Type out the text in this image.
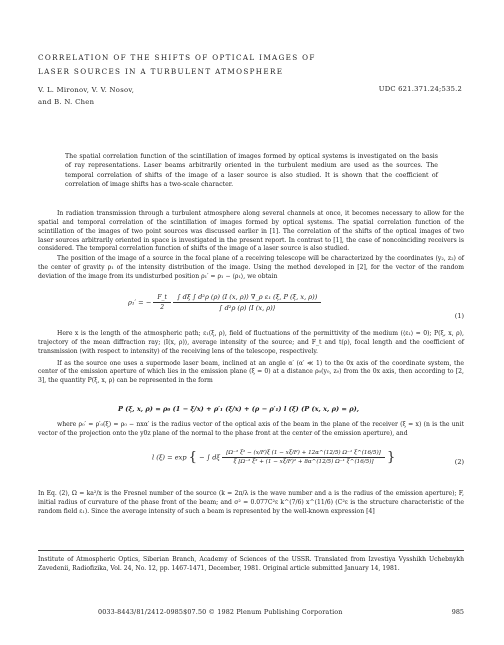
CORRELATION OF THE SHIFTS OF OPTICAL IMAGES OF
LASER SOURCES IN A TURBULENT ATMOSPHERE
V. L. Mironov, V. V. Nosov,
and B. N. Chen
UDC 621.371.24;535.2
The spatial correlation function of the scintillation of images formed by optical systems is investigated on the basis of ray representations. Laser beams arbitrarily oriented in the turbulent medium are used as the sources. The temporal correlation of shifts of the image of a laser source is also studied. It is shown that the coefficient of correlation of image shifts has a two-scale character.

In radiation transmission through a turbulent atmosphere along several channels at once, it becomes necessary to allow for the spatial and temporal correlation of the scintillation of images formed by optical systems. The spatial correlation function of the scintillation of the images of two point sources was discussed earlier in [1]. The correlation of the shifts of the optical images of two laser sources arbitrarily oriented in space is investigated in the present report. In contrast to [1], the case of noncoinciding receivers is considered. The temporal correlation function of shifts of the image of a laser source is also studied.

The position of the image of a source in the focal plane of a receiving telescope will be characterized by the coordinates (y₂, z₂) of the center of gravity ρ₁ of the intensity distribution of the image. Using the method developed in [2], for the vector of the random deviation of the image from its undisturbed position ρ₁′ = ρ₁ − ⟨ρ₁⟩, we obtain

ρ₁′ = − $\frac{F\_t}{2}$
$\frac{\text{∫ dξ ∫ d²ρ (ρ) ⟨I (x, ρ)⟩ ∇\_ρ ε₁ (ξ, P (ξ, x, ρ))}}{\text{∫ d²ρ (ρ) ⟨I (x, ρ)⟩}}$
(1)

Here x is the length of the atmospheric path; ε₁(ξ, ρ), field of fluctuations of the permittivity of the medium (⟨ε₁⟩ = 0); P(ξ, x, ρ), trajectory of the mean diffraction ray; ⟨I(x, ρ)⟩, average intensity of the source; and F_t and t(ρ), focal length and the coefficient of transmission (with respect to intensity) of the receiving lens of the telescope, respectively.

If as the source one uses a supermode laser beam, inclined at an angle α′ (α′ ≪ 1) to the 0x axis of the coordinate system, the center of the emission aperture of which lies in the emission plane (ξ = 0) at a distance ρ₀(y₀, z₀) from the 0x axis, then according to [2, 3], the quantity P(ξ, x, ρ) can be represented in the form

P (ξ, x, ρ) = ρ₀ (1 − ξ/x) + ρ′₁ (ξ/x) + (ρ − ρ′₁) l (ξ) (P (x, x, ρ) = ρ),

where ρ₀′ = ρ′₀(ξ) = ρ₀ − nxα′ is the radius vector of the optical axis of the beam in the plane of the receiver (ξ = x) (n is the unit vector of the projection onto the y0z plane of the normal to the phase front at the center of the emission aperture), and

l (ξ) = exp { − ∫ dξ $\frac{\text{[Ω⁻² ξ² − (x/F)ξ (1 − xξ/F) + 12α\textasciicircum{}(12/5) Ω⁻¹ ξ\textasciicircum{}(16/5)]}}{\text{ξ [Ω⁻² ξ² + (1 − xξ/F)² + 8α\textasciicircum{}(12/5) Ω⁻¹ ξ\textasciicircum{}(16/5)]}}$ }	(2)

In Eq. (2), Ω = ka²/x is the Fresnel number of the source (k = 2π/λ is the wave number and a is the radius of the emission aperture); F, initial radius of curvature of the phase front of the beam; and σ² = 0.077C²ε k^(7/6) x^(11/6) (C²ε is the structure characteristic of the random field ε₁). Since the average intensity of such a beam is represented by the well-known expression [4]

Institute of Atmospheric Optics, Siberian Branch, Academy of Sciences of the USSR. Translated from Izvestiya Vysshikh Uchebnykh Zavedenii, Radiofizika, Vol. 24, No. 12, pp. 1467-1471, December, 1981. Original article submitted January 14, 1981.
0033-8443/81/2412-0985$07.50 © 1982 Plenum Publishing Corporation	985
